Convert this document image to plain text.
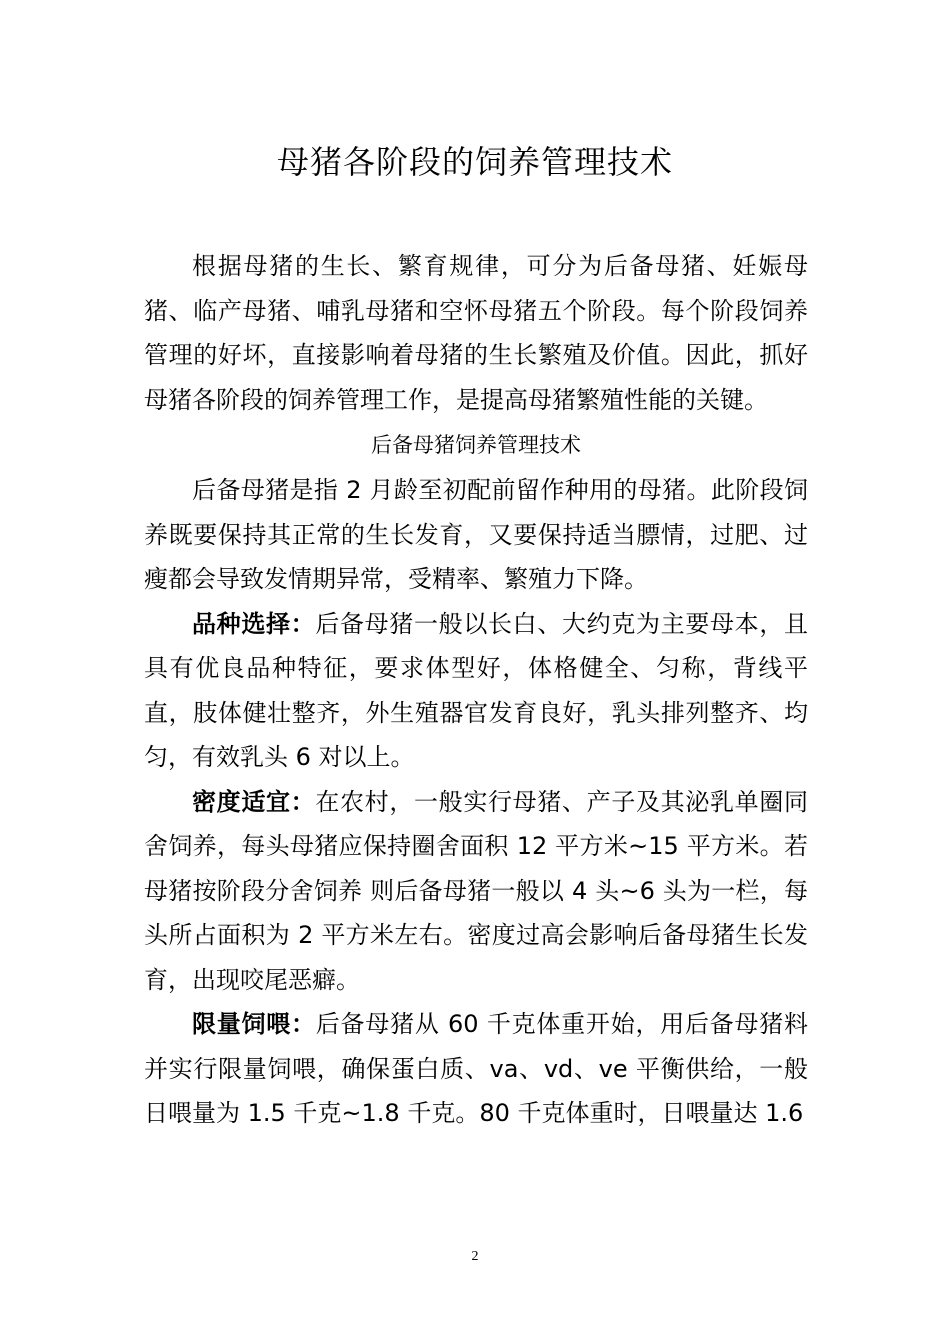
母猪各阶段的饲养管理技术

根据母猪的生长、繁育规律，可分为后备母猪、妊娠母猪、临产母猪、哺乳母猪和空怀母猪五个阶段。每个阶段饲养管理的好坏，直接影响着母猪的生长繁殖及价值。因此，抓好母猪各阶段的饲养管理工作，是提高母猪繁殖性能的关键。

后备母猪饲养管理技术

后备母猪是指 2 月龄至初配前留作种用的母猪。此阶段饲养既要保持其正常的生长发育，又要保持适当膘情，过肥、过瘦都会导致发情期异常，受精率、繁殖力下降。

品种选择：后备母猪一般以长白、大约克为主要母本，且具有优良品种特征，要求体型好，体格健全、匀称，背线平直，肢体健壮整齐，外生殖器官发育良好，乳头排列整齐、均匀，有效乳头 6 对以上。

密度适宜：在农村，一般实行母猪、产子及其泌乳单圈同舍饲养，每头母猪应保持圈舍面积 12 平方米~15 平方米。若母猪按阶段分舍饲养 则后备母猪一般以 4 头~6 头为一栏，每头所占面积为 2 平方米左右。密度过高会影响后备母猪生长发育，出现咬尾恶癖。

限量饲喂：后备母猪从 60 千克体重开始，用后备母猪料并实行限量饲喂，确保蛋白质、va、vd、ve 平衡供给，一般日喂量为 1.5 千克~1.8 千克。80 千克体重时，日喂量达 1.6

2
